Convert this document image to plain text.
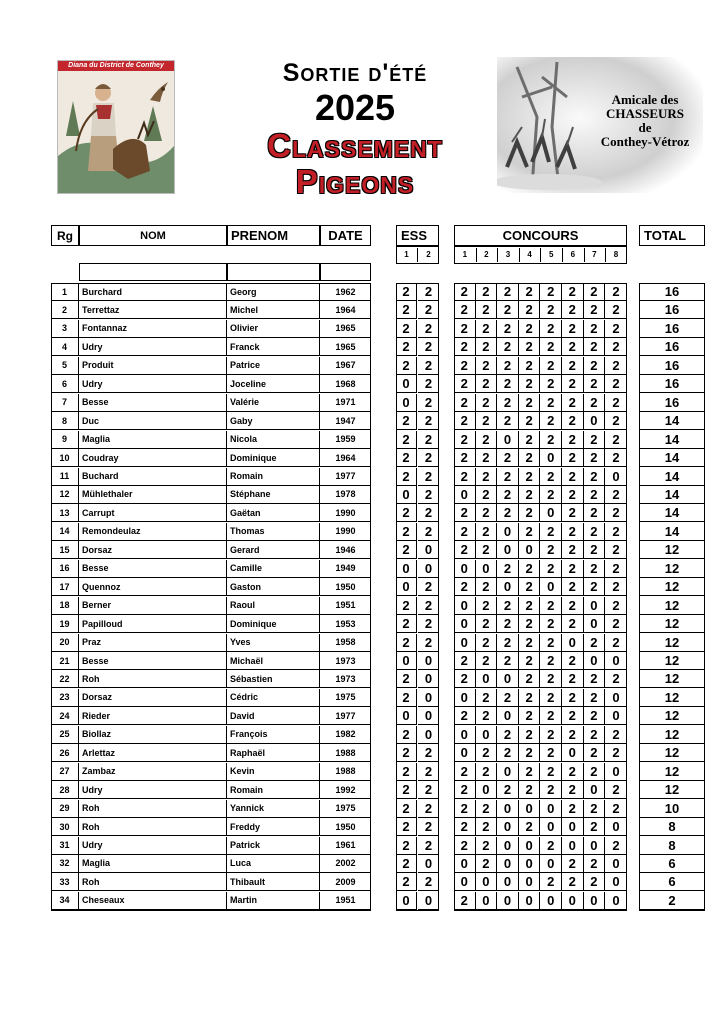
Diana du District de Conthey	Sortie d'été
2025
Classement
Pigeons
Amicale des
CHASSEURS
de
Conthey-Vétroz
Rg	NOM	PRENOM	DATE	ESS	CONCOURS	TOTAL
1	2	1	2	3	4	5	6	7	8
1	Burchard	Georg	1962	2	2	2	2	2	2	2	2	2	2	16
2	Terrettaz	Michel	1964	2	2	2	2	2	2	2	2	2	2	16
3	Fontannaz	Olivier	1965	2	2	2	2	2	2	2	2	2	2	16
4	Udry	Franck	1965	2	2	2	2	2	2	2	2	2	2	16
5	Produit	Patrice	1967	2	2	2	2	2	2	2	2	2	2	16
6	Udry	Joceline	1968	0	2	2	2	2	2	2	2	2	2	16
7	Besse	Valérie	1971	0	2	2	2	2	2	2	2	2	2	16
8	Duc	Gaby	1947	2	2	2	2	2	2	2	2	0	2	14
9	Maglia	Nicola	1959	2	2	2	2	0	2	2	2	2	2	14
10	Coudray	Dominique	1964	2	2	2	2	2	2	0	2	2	2	14
11	Buchard	Romain	1977	2	2	2	2	2	2	2	2	2	0	14
12	Mühlethaler	Stéphane	1978	0	2	0	2	2	2	2	2	2	2	14
13	Carrupt	Gaëtan	1990	2	2	2	2	2	2	0	2	2	2	14
14	Remondeulaz	Thomas	1990	2	2	2	2	0	2	2	2	2	2	14
15	Dorsaz	Gerard	1946	2	0	2	2	0	0	2	2	2	2	12
16	Besse	Camille	1949	0	0	0	0	2	2	2	2	2	2	12
17	Quennoz	Gaston	1950	0	2	2	2	0	2	0	2	2	2	12
18	Berner	Raoul	1951	2	2	0	2	2	2	2	2	0	2	12
19	Papilloud	Dominique	1953	2	2	0	2	2	2	2	2	0	2	12
20	Praz	Yves	1958	2	2	0	2	2	2	2	0	2	2	12
21	Besse	Michaël	1973	0	0	2	2	2	2	2	2	0	0	12
22	Roh	Sébastien	1973	2	0	2	0	0	2	2	2	2	2	12
23	Dorsaz	Cédric	1975	2	0	0	2	2	2	2	2	2	0	12
24	Rieder	David	1977	0	0	2	2	0	2	2	2	2	0	12
25	Biollaz	François	1982	2	0	0	0	2	2	2	2	2	2	12
26	Arlettaz	Raphaël	1988	2	2	0	2	2	2	2	0	2	2	12
27	Zambaz	Kevin	1988	2	2	2	2	0	2	2	2	2	0	12
28	Udry	Romain	1992	2	2	2	0	2	2	2	2	0	2	12
29	Roh	Yannick	1975	2	2	2	2	0	0	0	2	2	2	10
30	Roh	Freddy	1950	2	2	2	2	0	2	0	0	2	0	8
31	Udry	Patrick	1961	2	2	2	2	0	0	2	0	0	2	8
32	Maglia	Luca	2002	2	0	0	2	0	0	0	2	2	0	6
33	Roh	Thibault	2009	2	2	0	0	0	0	2	2	2	0	6
34	Cheseaux	Martin	1951	0	0	2	0	0	0	0	0	0	0	2
